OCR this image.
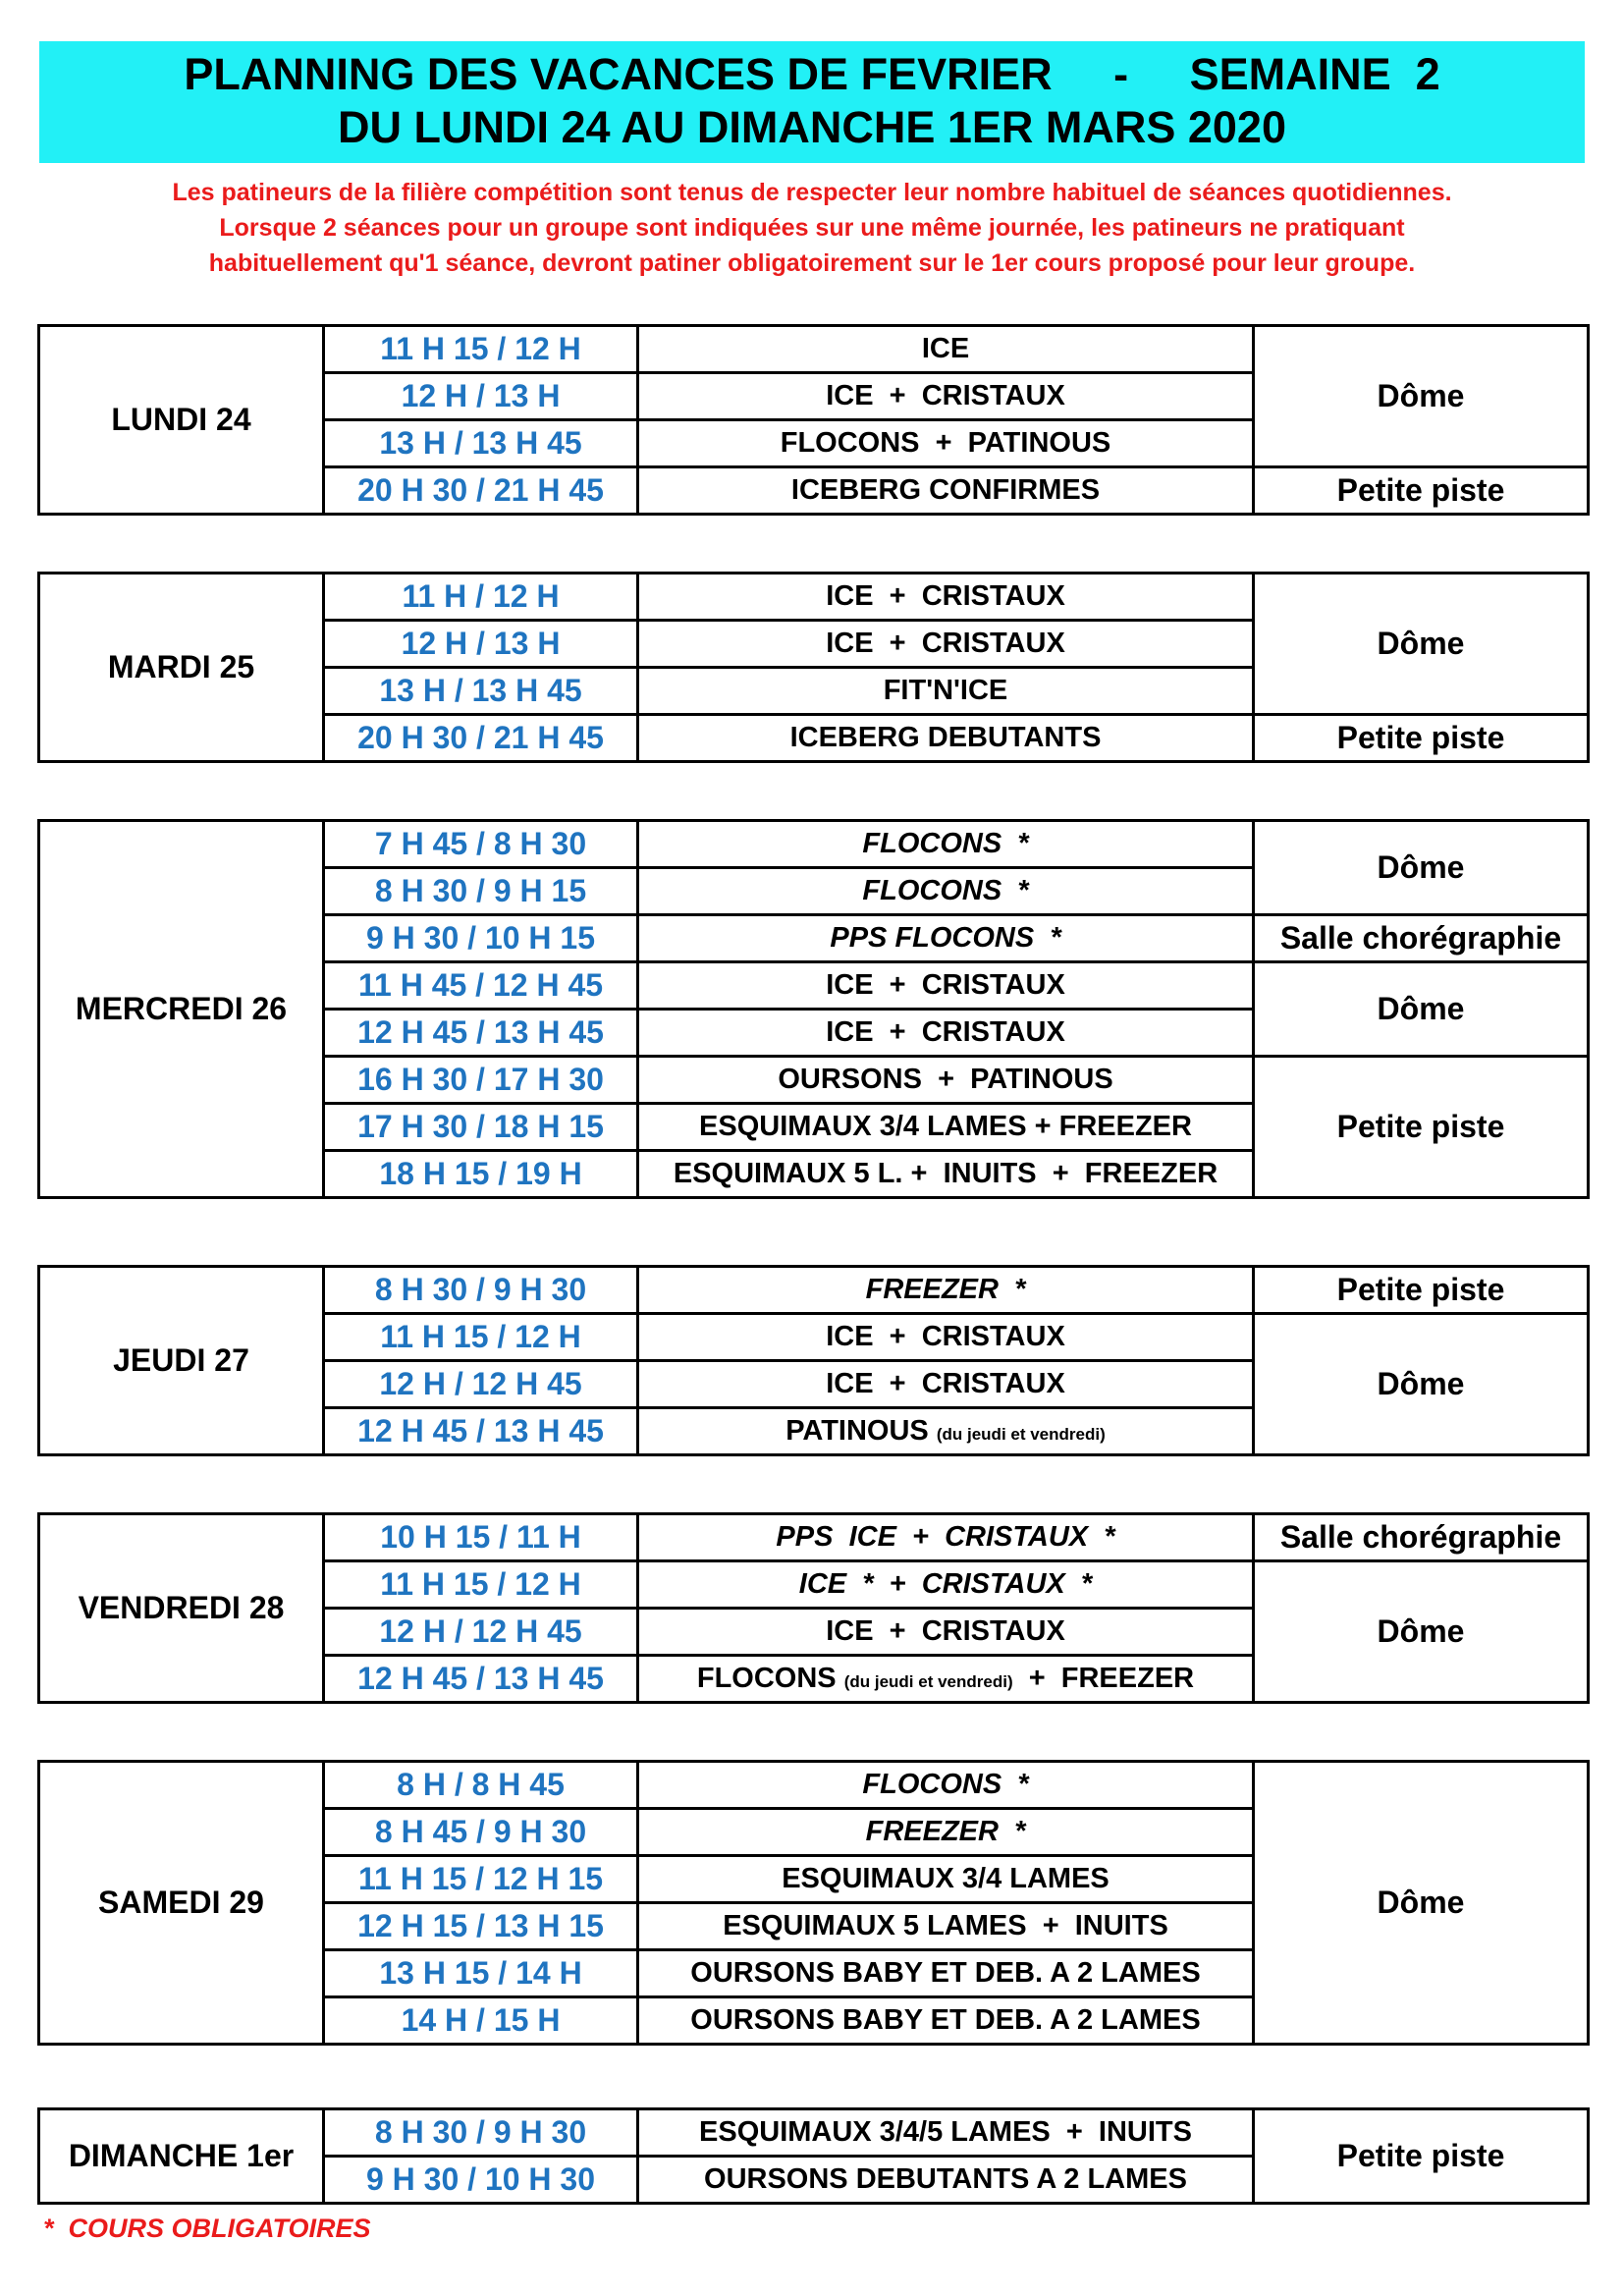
PLANNING DES VACANCES DE FEVRIER     -     SEMAINE  2
DU LUNDI 24 AU DIMANCHE 1ER MARS 2020
Les patineurs de la filière compétition sont tenus de respecter leur nombre habituel de séances quotidiennes.
Lorsque 2 séances pour un groupe sont indiquées sur une même journée, les patineurs ne pratiquant
habituellement qu'1 séance, devront patiner obligatoirement sur le 1er cours proposé pour leur groupe.
LUNDI 24	11 H 15 / 12 H	ICE	Dôme
	12 H / 13 H	ICE  +  CRISTAUX	
	13 H / 13 H 45	FLOCONS  +  PATINOUS	
	20 H 30 / 21 H 45	ICEBERG CONFIRMES	Petite piste
MARDI 25	11 H / 12 H	ICE  +  CRISTAUX	Dôme
	12 H / 13 H	ICE  +  CRISTAUX	
	13 H / 13 H 45	FIT'N'ICE	
	20 H 30 / 21 H 45	ICEBERG DEBUTANTS	Petite piste
MERCREDI 26	7 H 45 / 8 H 30	FLOCONS  *	Dôme
	8 H 30 / 9 H 15	FLOCONS  *	
	9 H 30 / 10 H 15	PPS FLOCONS  *	Salle chorégraphie
	11 H 45 / 12 H 45	ICE  +  CRISTAUX	Dôme
	12 H 45 / 13 H 45	ICE  +  CRISTAUX	
	16 H 30 / 17 H 30	OURSONS  +  PATINOUS	Petite piste
	17 H 30 / 18 H 15	ESQUIMAUX 3/4 LAMES + FREEZER	
	18 H 15 / 19 H	ESQUIMAUX 5 L. +  INUITS  +  FREEZER	
JEUDI 27	8 H 30 / 9 H 30	FREEZER  *	Petite piste
	11 H 15 / 12 H	ICE  +  CRISTAUX	Dôme
	12 H / 12 H 45	ICE  +  CRISTAUX	
	12 H 45 / 13 H 45	PATINOUS (du jeudi et vendredi)	
VENDREDI 28	10 H 15 / 11 H	PPS  ICE  +  CRISTAUX  *	Salle chorégraphie
	11 H 15 / 12 H	ICE  *  +  CRISTAUX  *	Dôme
	12 H / 12 H 45	ICE  +  CRISTAUX	
	12 H 45 / 13 H 45	FLOCONS (du jeudi et vendredi)  +  FREEZER	
SAMEDI 29	8 H / 8 H 45	FLOCONS  *	Dôme
	8 H 45 / 9 H 30	FREEZER  *	
	11 H 15 / 12 H 15	ESQUIMAUX 3/4 LAMES	
	12 H 15 / 13 H 15	ESQUIMAUX 5 LAMES  +  INUITS	
	13 H 15 / 14 H	OURSONS BABY ET DEB. A 2 LAMES	
	14 H / 15 H	OURSONS BABY ET DEB. A 2 LAMES	
DIMANCHE 1er	8 H 30 / 9 H 30	ESQUIMAUX 3/4/5 LAMES  +  INUITS	Petite piste
	9 H 30 / 10 H 30	OURSONS DEBUTANTS A 2 LAMES	
*  COURS OBLIGATOIRES
